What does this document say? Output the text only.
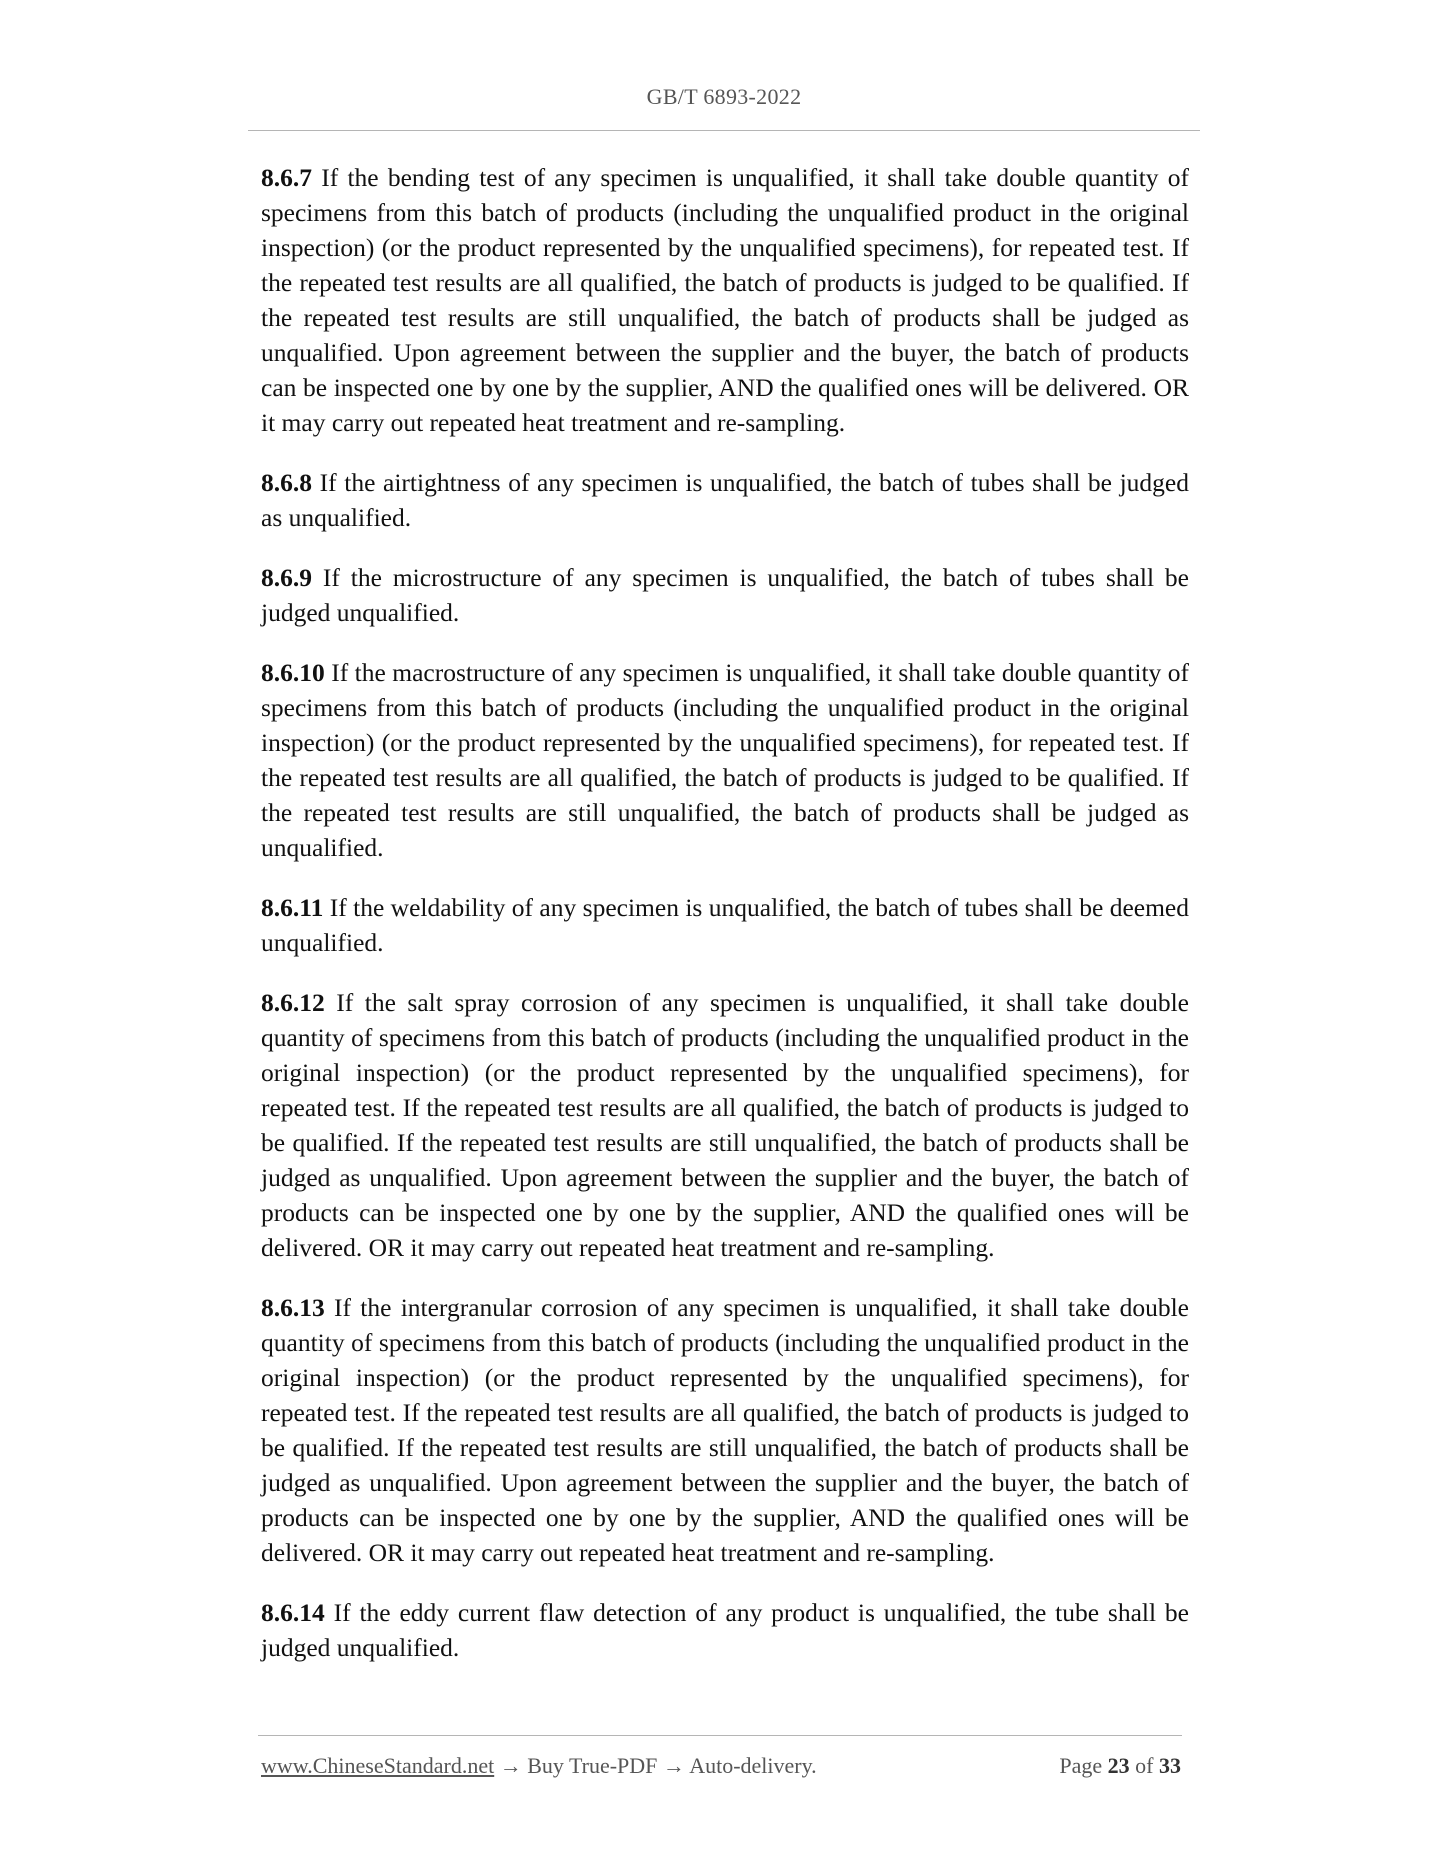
GB/T 6893-2022

8.6.7 If the bending test of any specimen is unqualified, it shall take double quantity of specimens from this batch of products (including the unqualified product in the original inspection) (or the product represented by the unqualified specimens), for repeated test. If the repeated test results are all qualified, the batch of products is judged to be qualified. If the repeated test results are still unqualified, the batch of products shall be judged as unqualified. Upon agreement between the supplier and the buyer, the batch of products can be inspected one by one by the supplier, AND the qualified ones will be delivered. OR it may carry out repeated heat treatment and re-sampling.

8.6.8 If the airtightness of any specimen is unqualified, the batch of tubes shall be judged as unqualified.

8.6.9 If the microstructure of any specimen is unqualified, the batch of tubes shall be judged unqualified.

8.6.10 If the macrostructure of any specimen is unqualified, it shall take double quantity of specimens from this batch of products (including the unqualified product in the original inspection) (or the product represented by the unqualified specimens), for repeated test. If the repeated test results are all qualified, the batch of products is judged to be qualified. If the repeated test results are still unqualified, the batch of products shall be judged as unqualified.

8.6.11 If the weldability of any specimen is unqualified, the batch of tubes shall be deemed unqualified.

8.6.12 If the salt spray corrosion of any specimen is unqualified, it shall take double quantity of specimens from this batch of products (including the unqualified product in the original inspection) (or the product represented by the unqualified specimens), for repeated test. If the repeated test results are all qualified, the batch of products is judged to be qualified. If the repeated test results are still unqualified, the batch of products shall be judged as unqualified. Upon agreement between the supplier and the buyer, the batch of products can be inspected one by one by the supplier, AND the qualified ones will be delivered. OR it may carry out repeated heat treatment and re-sampling.

8.6.13 If the intergranular corrosion of any specimen is unqualified, it shall take double quantity of specimens from this batch of products (including the unqualified product in the original inspection) (or the product represented by the unqualified specimens), for repeated test. If the repeated test results are all qualified, the batch of products is judged to be qualified. If the repeated test results are still unqualified, the batch of products shall be judged as unqualified. Upon agreement between the supplier and the buyer, the batch of products can be inspected one by one by the supplier, AND the qualified ones will be delivered. OR it may carry out repeated heat treatment and re-sampling.

8.6.14 If the eddy current flaw detection of any product is unqualified, the tube shall be judged unqualified.

www.ChineseStandard.net → Buy True-PDF → Auto-delivery.	Page 23 of 33
